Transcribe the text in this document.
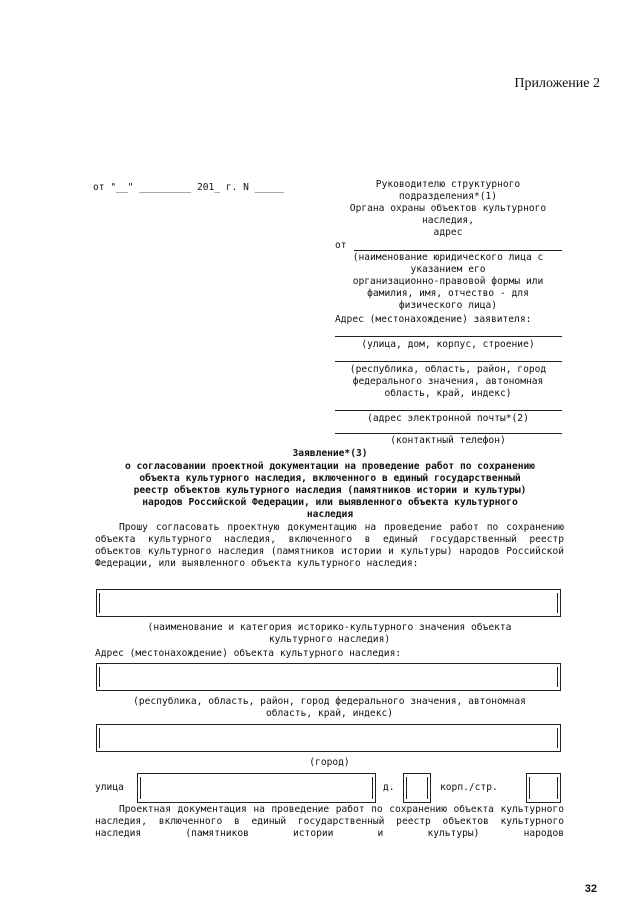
Приложение 2
от "__" _________ 201_ г. N _____	Руководителю структурного
подразделения*(1)
Органа охраны объектов культурного
наследия,
адрес
от
(наименование юридического лица с
указанием его
организационно-правовой формы или
фамилия, имя, отчество - для
физического лица)
Адрес (местонахождение) заявителя:
(улица, дом, корпус, строение)
(республика, область, район, город
федерального значения, автономная
область, край, индекс)
(адрес электронной почты*(2)
(контактный телефон)
Заявление*(3)
о согласовании проектной документации на проведение работ по сохранению
объекта культурного наследия, включенного в единый государственный
реестр объектов культурного наследия (памятников истории и культуры)
народов Российской Федерации, или выявленного объекта культурного
наследия
Прошу согласовать проектную документацию на проведение работ по сохранению объекта культурного наследия, включенного в единый государственный реестр объектов культурного наследия (памятников истории и культуры) народов Российской Федерации, или выявленного объекта культурного наследия:
(наименование и категория историко-культурного значения объекта
культурного наследия)
Адрес (местонахождение) объекта культурного наследия:
(республика, область, район, город федерального значения, автономная
область, край, индекс)
(город)
улица	д.	корп./стр.
Проектная документация на проведение работ по сохранению объекта культурного наследия, включенного в единый государственный реестр объектов культурного наследия (памятников истории и культуры) народов
32
